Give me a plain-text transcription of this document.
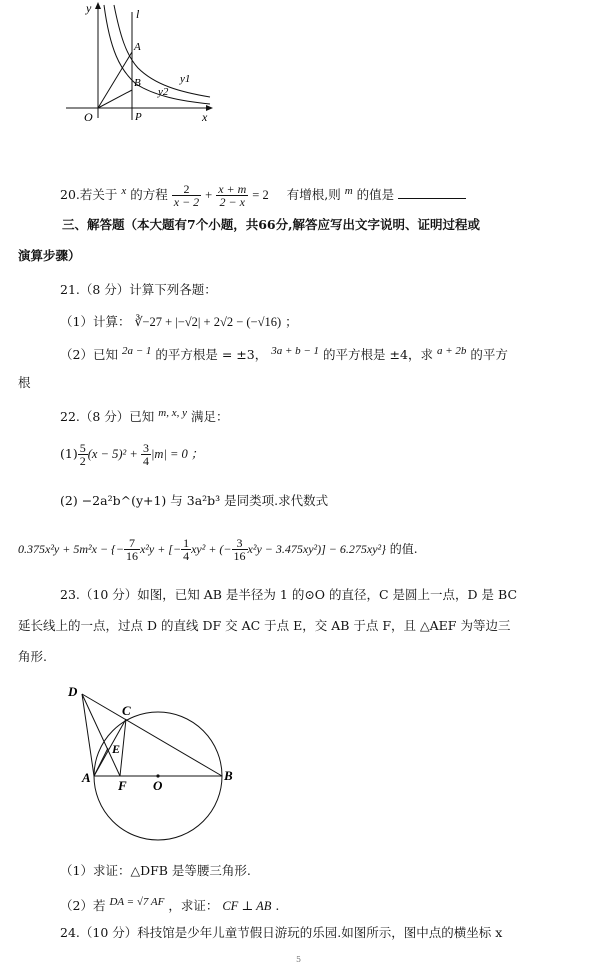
y	l
A
B	y1
y2
O	P	x
20.若关于 x 的方程 $\frac{2}{x - 2} + \frac{x + m}{2 - x} = 2$ 有增根,则 m 的值是
三、解答题（本大题有7个小题，共66分,解答应写出文字说明、证明过程或
演算步骤）
21.（8 分）计算下列各题：
（1）计算： ∛−27 + |−√2| + 2√2 − (−√16) ；
（2）已知 2a − 1 的平方根是 = ±3， 3a + b − 1 的平方根是 ±4，求 a + 2b 的平方
根
22.（8 分）已知 m, x, y 满足：
$(1) \frac{5}{2} (x - 5)^2 + \frac{3}{4} |m| = 0$ ；
(2) −2a²b^(y+1) 与 3a²b³ 是同类项.求代数式
0.375x²y + 5m²x − {− $\frac{7}{16} x^2y$ + [− $\frac{1}{4} xy^2$ + (− $\frac{3}{16} x^2y - 3.475xy^2)] - 6.275xy^2$} 的值.
23.（10 分）如图，已知 AB 是半径为 1 的⊙O 的直径，C 是圆上一点，D 是 BC
延长线上的一点，过点 D 的直线 DF 交 AC 于点 E，交 AB 于点 F，且 △AEF 为等边三
角形.
D
C
E
A
F O
B
（1）求证：△DFB 是等腰三角形.
（2）若 DA = √7 AF ，求证： CF ⊥ AB .
24.（10 分）科技馆是少年儿童节假日游玩的乐园.如图所示，图中点的横坐标 x
5
